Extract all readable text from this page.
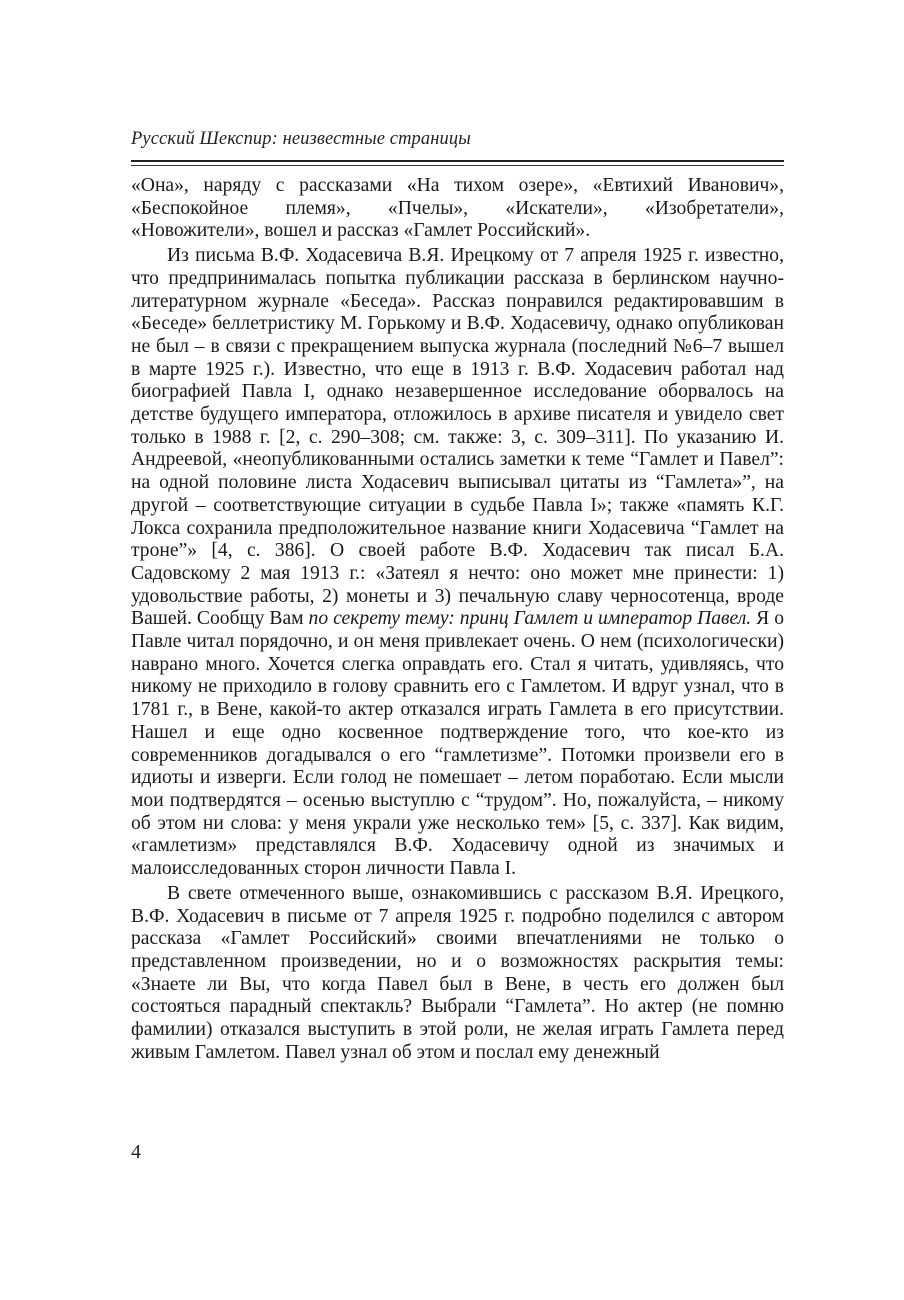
Русский Шекспир: неизвестные страницы

«Она», наряду с рассказами «На тихом озере», «Евтихий Иванович», «Беспокойное племя», «Пчелы», «Искатели», «Изобретатели», «Новожители», вошел и рассказ «Гамлет Российский».

Из письма В.Ф. Ходасевича В.Я. Ирецкому от 7 апреля 1925 г. известно, что предпринималась попытка публикации рассказа в берлинском научно-литературном журнале «Беседа». Рассказ понравился редактировавшим в «Беседе» беллетристику М. Горькому и В.Ф. Ходасевичу, однако опубликован не был – в связи с прекращением выпуска журнала (последний №6–7 вышел в марте 1925 г.). Известно, что еще в 1913 г. В.Ф. Ходасевич работал над биографией Павла I, однако незавершенное исследование оборвалось на детстве будущего императора, отложилось в архиве писателя и увидело свет только в 1988 г. [2, с. 290–308; см. также: 3, с. 309–311]. По указанию И. Андреевой, «неопубликованными остались заметки к теме “Гамлет и Павел”: на одной половине листа Ходасевич выписывал цитаты из “Гамлета»”, на другой – соответствующие ситуации в судьбе Павла I»; также «память К.Г. Локса сохранила предположительное название книги Ходасевича “Гамлет на троне”» [4, с. 386]. О своей работе В.Ф. Ходасевич так писал Б.А. Садовскому 2 мая 1913 г.: «Затеял я нечто: оно может мне принести: 1) удовольствие работы, 2) монеты и 3) печальную славу черносотенца, вроде Вашей. Сообщу Вам по секрету тему: принц Гамлет и император Павел. Я о Павле читал порядочно, и он меня привлекает очень. О нем (психологически) наврано много. Хочется слегка оправдать его. Стал я читать, удивляясь, что никому не приходило в голову сравнить его с Гамлетом. И вдруг узнал, что в 1781 г., в Вене, какой-то актер отказался играть Гамлета в его присутствии. Нашел и еще одно косвенное подтверждение того, что кое-кто из современников догадывался о его “гамлетизме”. Потомки произвели его в идиоты и изверги. Если голод не помешает – летом поработаю. Если мысли мои подтвердятся – осенью выступлю с “трудом”. Но, пожалуйста, – никому об этом ни слова: у меня украли уже несколько тем» [5, с. 337]. Как видим, «гамлетизм» представлялся В.Ф. Ходасевичу одной из значимых и малоисследованных сторон личности Павла I.

В свете отмеченного выше, ознакомившись с рассказом В.Я. Ирецкого, В.Ф. Ходасевич в письме от 7 апреля 1925 г. подробно поделился с автором рассказа «Гамлет Российский» своими впечатлениями не только о представленном произведении, но и о возможностях раскрытия темы: «Знаете ли Вы, что когда Павел был в Вене, в честь его должен был состояться парадный спектакль? Выбрали “Гамлета”. Но актер (не помню фамилии) отказался выступить в этой роли, не желая играть Гамлета перед живым Гамлетом. Павел узнал об этом и послал ему денежный

4
